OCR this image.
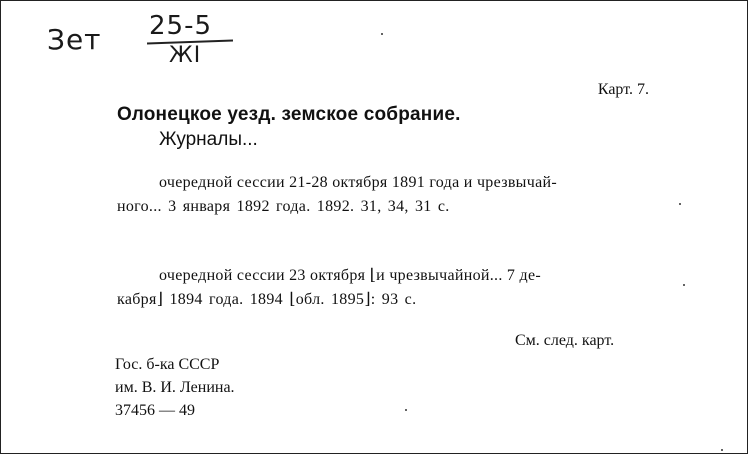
Зет 25-5
ЖI
Карт. 7.
Олонецкое уезд. земское собрание.
Журналы...
очередной сессии 21-28 октября 1891 года и чрезвычай-
ного... 3 января 1892 года. 1892. 31, 34, 31 с.
очередной сессии 23 октября ⌊и чрезвычайной... 7 де-
кабря⌋ 1894 года. 1894 ⌊обл. 1895⌋: 93 с.
См. след. карт.
Гос. б-ка СССР
им. В. И. Ленина.
37456 — 49
